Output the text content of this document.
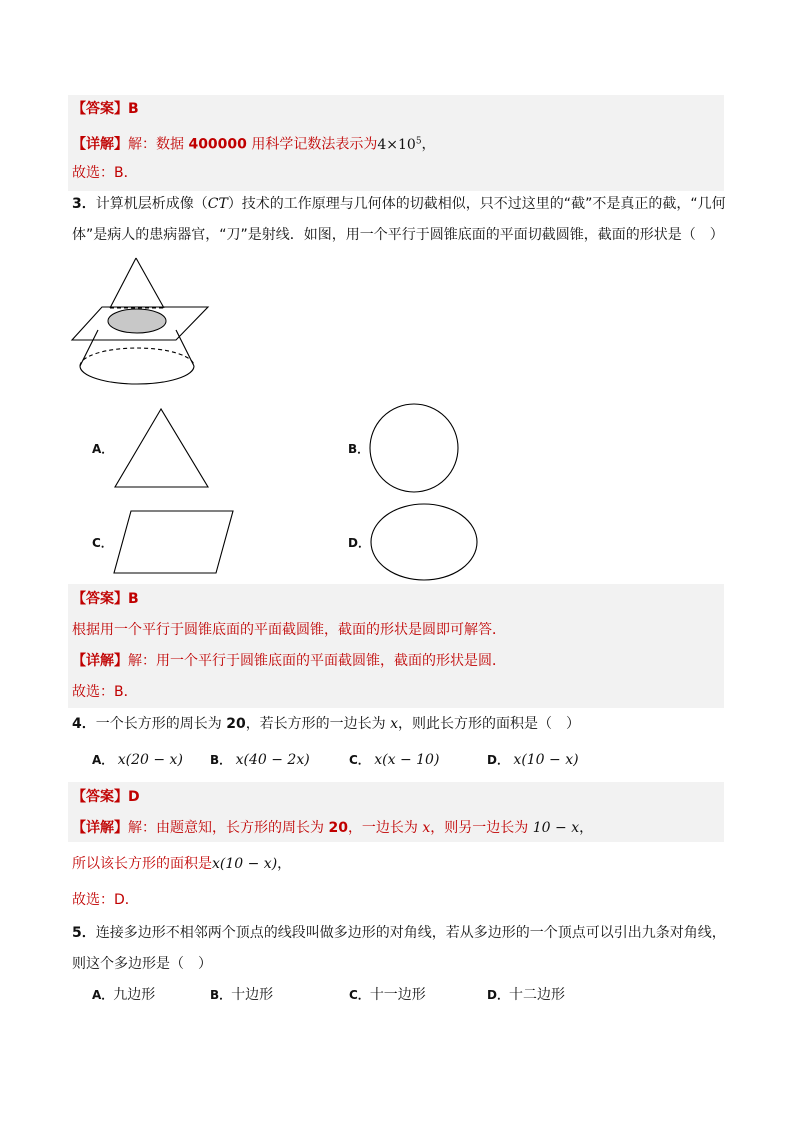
【答案】B
【详解】解：数据 400000 用科学记数法表示为$4\times 10^5$，
故选：B．
3．计算机层析成像（CT）技术的工作原理与几何体的切截相似，只不过这里的“截”不是真正的截，“几何
体”是病人的患病器官，“刀”是射线．如图，用一个平行于圆锥底面的平面切截圆锥，截面的形状是（　）
A．	B．
C．	D．
【答案】B
根据用一个平行于圆锥底面的平面截圆锥，截面的形状是圆即可解答．
【详解】解：用一个平行于圆锥底面的平面截圆锥，截面的形状是圆．
故选：B．
4．一个长方形的周长为 20，若长方形的一边长为 x，则此长方形的面积是（　）
A． x(20 − x) B． x(40 − 2x)	C． x(x − 10)	D． x(10 − x)
【答案】D
【详解】解：由题意知，长方形的周长为 20，一边长为 x，则另一边长为 10 − x，
所以该长方形的面积是x(10 − x)，
故选：D．
5．连接多边形不相邻两个顶点的线段叫做多边形的对角线，若从多边形的一个顶点可以引出九条对角线，
则这个多边形是（　）
A．九边形	B．十边形	C．十一边形	D．十二边形
